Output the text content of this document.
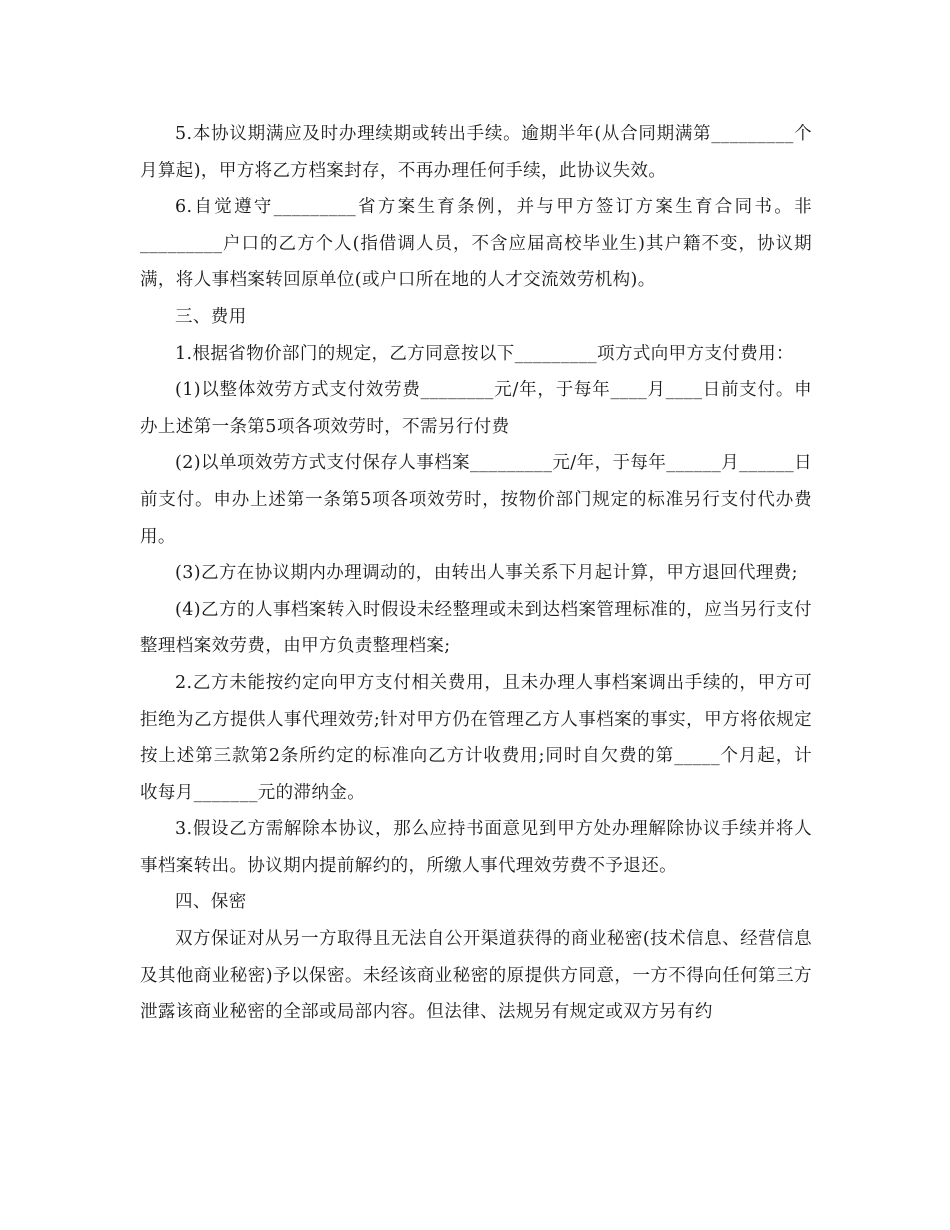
5.本协议期满应及时办理续期或转出手续。逾期半年(从合同期满第_________个月算起)，甲方将乙方档案封存，不再办理任何手续，此协议失效。

6.自觉遵守_________省方案生育条例，并与甲方签订方案生育合同书。非_________户口的乙方个人(指借调人员，不含应届高校毕业生)其户籍不变，协议期满，将人事档案转回原单位(或户口所在地的人才交流效劳机构)。

三、费用

1.根据省物价部门的规定，乙方同意按以下_________项方式向甲方支付费用：

(1)以整体效劳方式支付效劳费________元/年，于每年____月____日前支付。申办上述第一条第5项各项效劳时，不需另行付费

(2)以单项效劳方式支付保存人事档案_________元/年，于每年______月______日前支付。申办上述第一条第5项各项效劳时，按物价部门规定的标准另行支付代办费用。

(3)乙方在协议期内办理调动的，由转出人事关系下月起计算，甲方退回代理费;

(4)乙方的人事档案转入时假设未经整理或未到达档案管理标准的，应当另行支付整理档案效劳费，由甲方负责整理档案;

2.乙方未能按约定向甲方支付相关费用，且未办理人事档案调出手续的，甲方可拒绝为乙方提供人事代理效劳;针对甲方仍在管理乙方人事档案的事实，甲方将依规定按上述第三款第2条所约定的标准向乙方计收费用;同时自欠费的第_____个月起，计收每月_______元的滞纳金。

3.假设乙方需解除本协议，那么应持书面意见到甲方处办理解除协议手续并将人事档案转出。协议期内提前解约的，所缴人事代理效劳费不予退还。

四、保密

双方保证对从另一方取得且无法自公开渠道获得的商业秘密(技术信息、经营信息及其他商业秘密)予以保密。未经该商业秘密的原提供方同意，一方不得向任何第三方泄露该商业秘密的全部或局部内容。但法律、法规另有规定或双方另有约
